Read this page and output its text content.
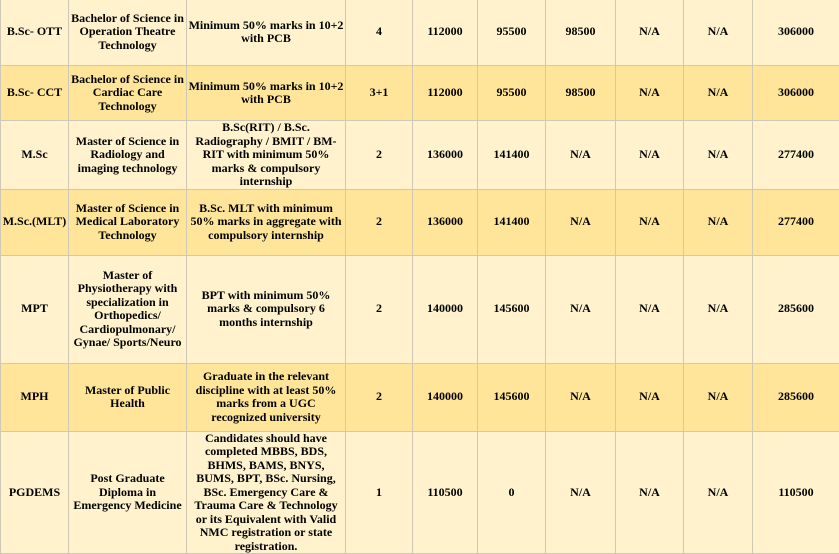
B.Sc- OTT	Bachelor of Science in Operation Theatre Technology	Minimum 50% marks in 10+2 with PCB	4	112000	95500	98500	N/A	N/A	306000
B.Sc- CCT	Bachelor of Science in Cardiac Care Technology	Minimum 50% marks in 10+2 with PCB	3+1	112000	95500	98500	N/A	N/A	306000
M.Sc	Master of Science in Radiology and imaging technology	B.Sc(RIT) / B.Sc. Radiography / BMIT / BM-RIT with minimum 50% marks & compulsory internship	2	136000	141400	N/A	N/A	N/A	277400
M.Sc.(MLT)	Master of Science in Medical Laboratory Technology	B.Sc. MLT with minimum 50% marks in aggregate with compulsory internship	2	136000	141400	N/A	N/A	N/A	277400
MPT	Master of Physiotherapy with specialization in Orthopedics/ Cardiopulmonary/ Gynae/ Sports/Neuro	BPT with minimum 50% marks & compulsory 6 months internship	2	140000	145600	N/A	N/A	N/A	285600
MPH	Master of Public Health	Graduate in the relevant discipline with at least 50% marks from a UGC recognized university	2	140000	145600	N/A	N/A	N/A	285600
PGDEMS	Post Graduate Diploma in Emergency Medicine	Candidates should have completed MBBS, BDS, BHMS, BAMS, BNYS, BUMS, BPT, BSc. Nursing, BSc. Emergency Care & Trauma Care & Technology or its Equivalent with Valid NMC registration or state registration.	1	110500	0	N/A	N/A	N/A	110500
